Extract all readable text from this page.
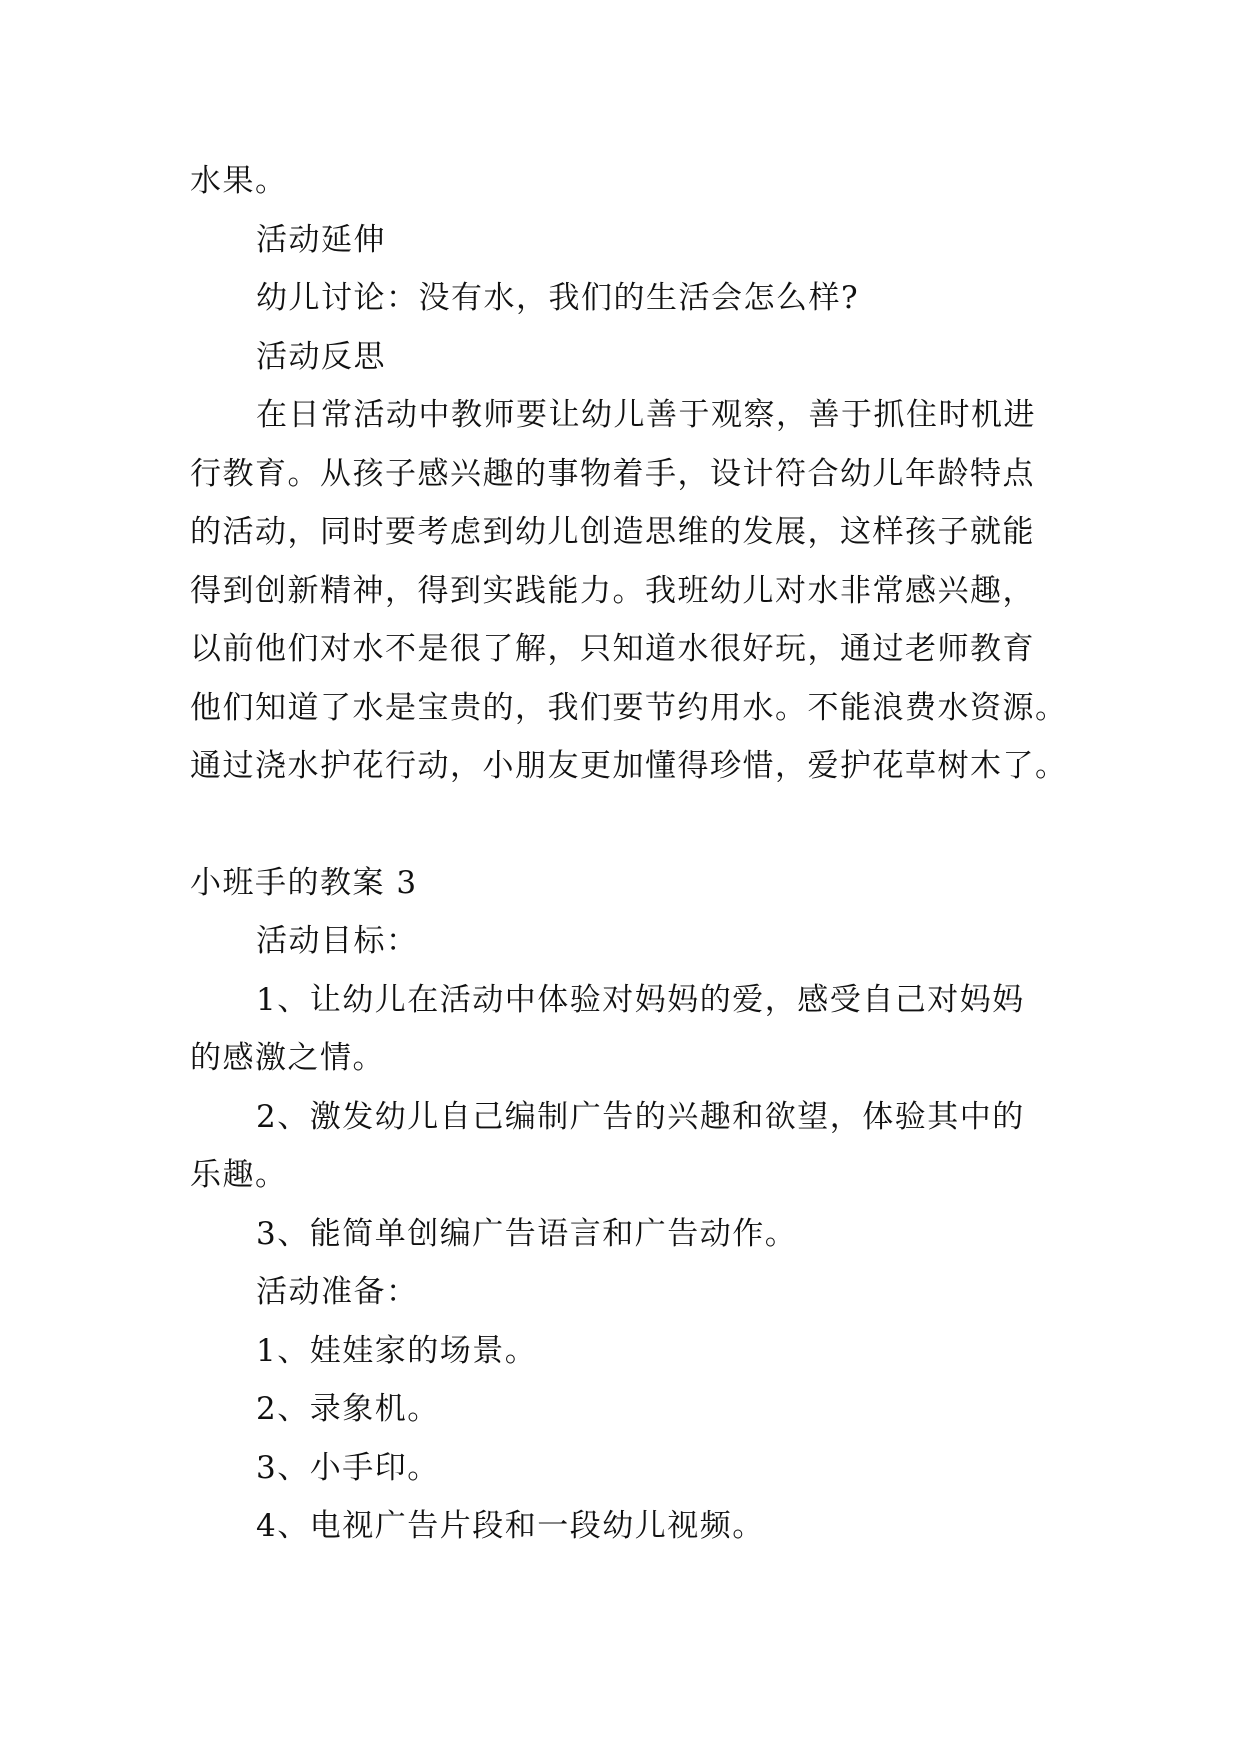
水果。

活动延伸

幼儿讨论：没有水，我们的生活会怎么样?

活动反思

在日常活动中教师要让幼儿善于观察，善于抓住时机进

行教育。从孩子感兴趣的事物着手，设计符合幼儿年龄特点

的活动，同时要考虑到幼儿创造思维的发展，这样孩子就能

得到创新精神，得到实践能力。我班幼儿对水非常感兴趣，

以前他们对水不是很了解，只知道水很好玩，通过老师教育

他们知道了水是宝贵的，我们要节约用水。不能浪费水资源。

通过浇水护花行动，小朋友更加懂得珍惜，爱护花草树木了。

小班手的教案 3

活动目标：

1、让幼儿在活动中体验对妈妈的爱，感受自己对妈妈

的感激之情。

2、激发幼儿自己编制广告的兴趣和欲望，体验其中的

乐趣。

3、能简单创编广告语言和广告动作。

活动准备：

1、娃娃家的场景。

2、录象机。

3、小手印。

4、电视广告片段和一段幼儿视频。
